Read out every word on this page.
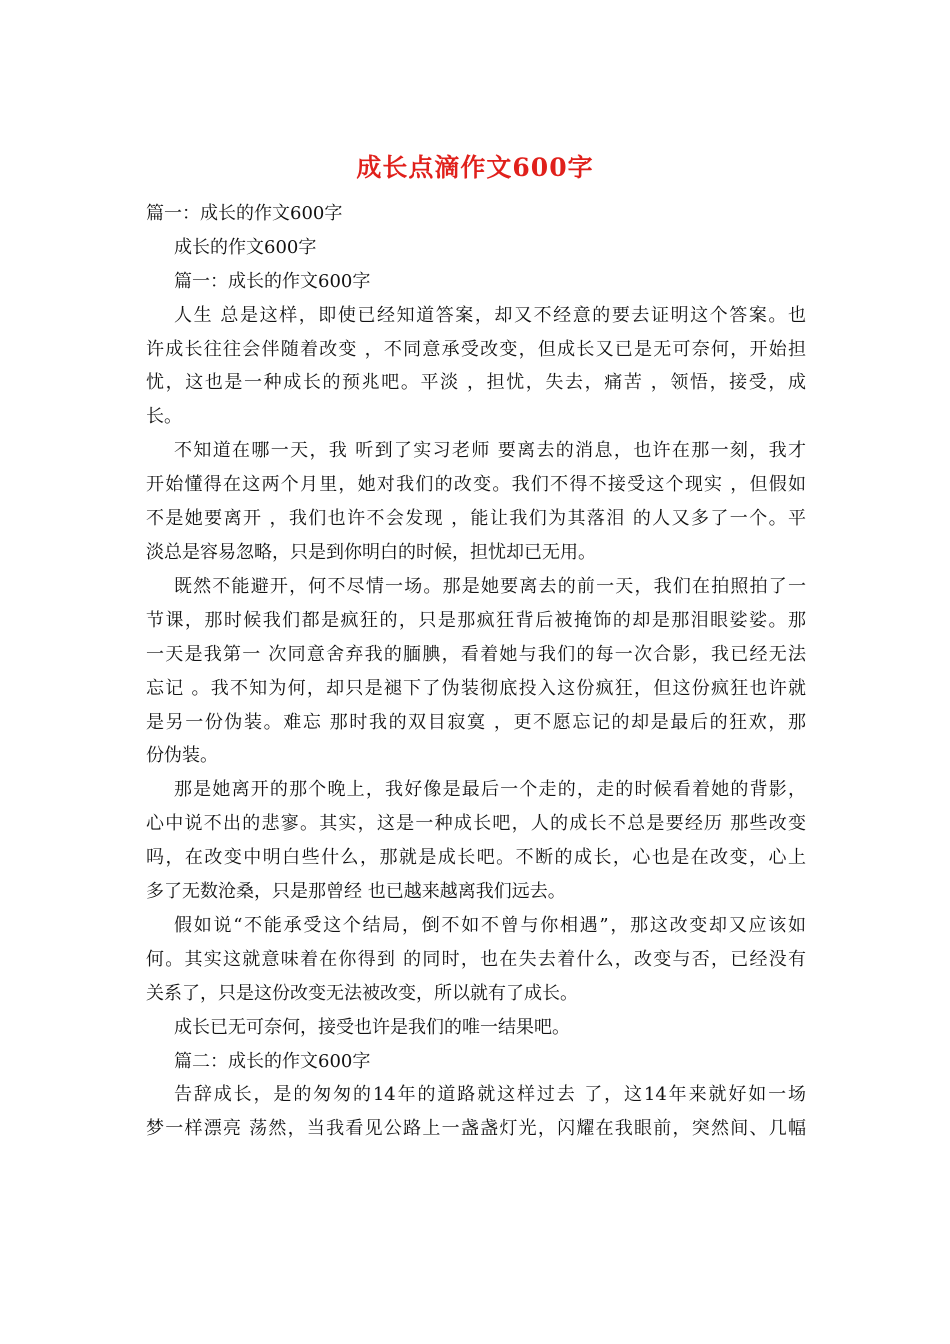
成长点滴作文600字
篇一：成长的作文600字
成长的作文600字
篇一：成长的作文600字
人生 总是这样，即使已经知道答案，却又不经意的要去证明这个答案。也
许成长往往会伴随着改变 ，不同意承受改变，但成长又已是无可奈何，开始担
忧，这也是一种成长的预兆吧。平淡 ，担忧，失去，痛苦 ，领悟，接受，成
长。
不知道在哪一天，我 听到了实习老师 要离去的消息，也许在那一刻，我才
开始懂得在这两个月里，她对我们的改变。我们不得不接受这个现实 ，但假如
不是她要离开 ，我们也许不会发现 ，能让我们为其落泪 的人又多了一个。平
淡总是容易忽略，只是到你明白的时候，担忧却已无用。
既然不能避开，何不尽情一场。那是她要离去的前一天，我们在拍照拍了一
节课，那时候我们都是疯狂的，只是那疯狂背后被掩饰的却是那泪眼娑娑。那
一天是我第一 次同意舍弃我的腼腆，看着她与我们的每一次合影，我已经无法
忘记 。我不知为何，却只是褪下了伪装彻底投入这份疯狂，但这份疯狂也许就
是另一份伪装。难忘 那时我的双目寂寞 ，更不愿忘记的却是最后的狂欢，那
份伪装。
那是她离开的那个晚上，我好像是最后一个走的，走的时候看着她的背影，
心中说不出的悲寥。其实，这是一种成长吧，人的成长不总是要经历 那些改变
吗，在改变中明白些什么，那就是成长吧。不断的成长，心也是在改变，心上
多了无数沧桑，只是那曾经 也已越来越离我们远去。
假如说“不能承受这个结局，倒不如不曾与你相遇”，那这改变却又应该如
何。其实这就意味着在你得到 的同时，也在失去着什么，改变与否，已经没有
关系了，只是这份改变无法被改变，所以就有了成长。
成长已无可奈何，接受也许是我们的唯一结果吧。
篇二：成长的作文600字
告辞成长，是的匆匆的14年的道路就这样过去 了，这14年来就好如一场
梦一样漂亮 荡然，当我看见公路上一盏盏灯光，闪耀在我眼前，突然间、几幅
